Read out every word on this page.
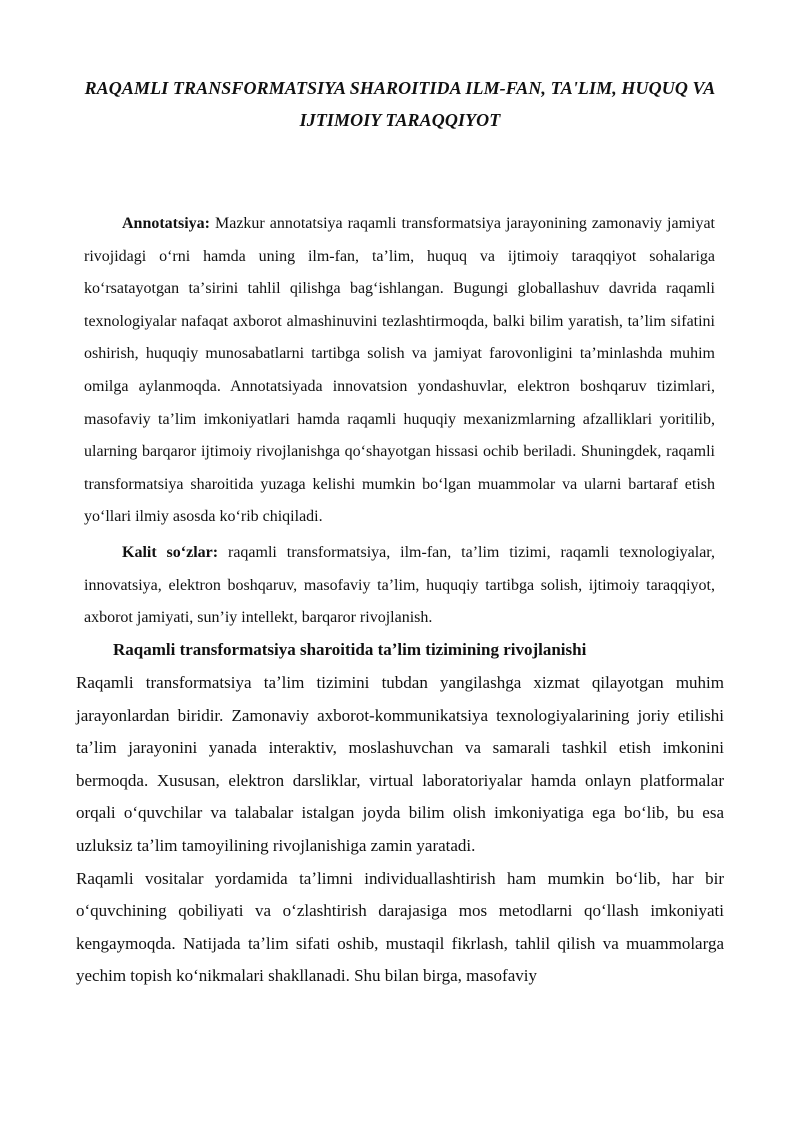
RAQAMLI TRANSFORMATSIYA SHAROITIDA ILM-FAN, TA'LIM, HUQUQ VA IJTIMOIY TARAQQIYOT

Annotatsiya: Mazkur annotatsiya raqamli transformatsiya jarayonining zamonaviy jamiyat rivojidagi oʻrni hamda uning ilm-fan, taʼlim, huquq va ijtimoiy taraqqiyot sohalariga koʻrsatayotgan taʼsirini tahlil qilishga bagʻishlangan. Bugungi globallashuv davrida raqamli texnologiyalar nafaqat axborot almashinuvini tezlashtirmoqda, balki bilim yaratish, taʼlim sifatini oshirish, huquqiy munosabatlarni tartibga solish va jamiyat farovonligini taʼminlashda muhim omilga aylanmoqda. Annotatsiyada innovatsion yondashuvlar, elektron boshqaruv tizimlari, masofaviy taʼlim imkoniyatlari hamda raqamli huquqiy mexanizmlarning afzalliklari yoritilib, ularning barqaror ijtimoiy rivojlanishga qoʻshayotgan hissasi ochib beriladi. Shuningdek, raqamli transformatsiya sharoitida yuzaga kelishi mumkin boʻlgan muammolar va ularni bartaraf etish yoʻllari ilmiy asosda koʻrib chiqiladi.

Kalit soʻzlar: raqamli transformatsiya, ilm-fan, taʼlim tizimi, raqamli texnologiyalar, innovatsiya, elektron boshqaruv, masofaviy taʼlim, huquqiy tartibga solish, ijtimoiy taraqqiyot, axborot jamiyati, sunʼiy intellekt, barqaror rivojlanish.

Raqamli transformatsiya sharoitida taʼlim tizimining rivojlanishi

Raqamli transformatsiya taʼlim tizimini tubdan yangilashga xizmat qilayotgan muhim jarayonlardan biridir. Zamonaviy axborot-kommunikatsiya texnologiyalarining joriy etilishi taʼlim jarayonini yanada interaktiv, moslashuvchan va samarali tashkil etish imkonini bermoqda. Xususan, elektron darsliklar, virtual laboratoriyalar hamda onlayn platformalar orqali oʻquvchilar va talabalar istalgan joyda bilim olish imkoniyatiga ega boʻlib, bu esa uzluksiz taʼlim tamoyilining rivojlanishiga zamin yaratadi.

Raqamli vositalar yordamida taʼlimni individuallashtirish ham mumkin boʻlib, har bir oʻquvchining qobiliyati va oʻzlashtirish darajasiga mos metodlarni qoʻllash imkoniyati kengaymoqda. Natijada taʼlim sifati oshib, mustaqil fikrlash, tahlil qilish va muammolarga yechim topish koʻnikmalari shakllanadi. Shu bilan birga, masofaviy
